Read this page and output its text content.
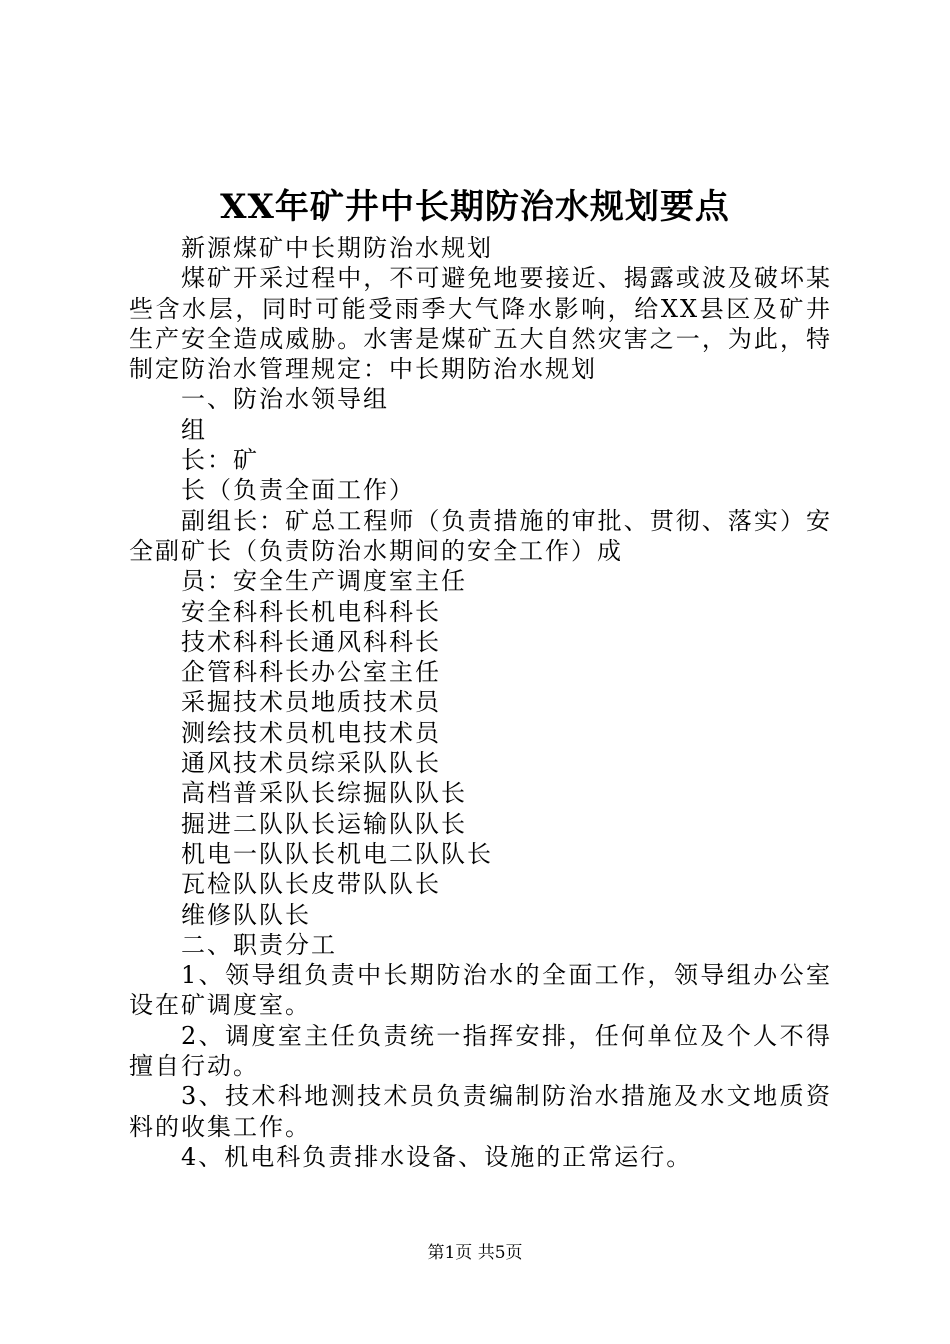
XX年矿井中长期防治水规划要点

新源煤矿中长期防治水规划

煤矿开采过程中，不可避免地要接近、揭露或波及破坏某些含水层，同时可能受雨季大气降水影响，给XX县区及矿井生产安全造成威胁。水害是煤矿五大自然灾害之一，为此，特制定防治水管理规定：中长期防治水规划

一、防治水领导组

组

长：矿

长（负责全面工作）

副组长：矿总工程师（负责措施的审批、贯彻、落实）安全副矿长（负责防治水期间的安全工作）成

员：安全生产调度室主任

安全科科长机电科科长

技术科科长通风科科长

企管科科长办公室主任

采掘技术员地质技术员

测绘技术员机电技术员

通风技术员综采队队长

高档普采队长综掘队队长

掘进二队队长运输队队长

机电一队队长机电二队队长

瓦检队队长皮带队队长

维修队队长

二、职责分工

1、领导组负责中长期防治水的全面工作，领导组办公室设在矿调度室。

2、调度室主任负责统一指挥安排，任何单位及个人不得擅自行动。

3、技术科地测技术员负责编制防治水措施及水文地质资料的收集工作。

4、机电科负责排水设备、设施的正常运行。

第1页 共5页
